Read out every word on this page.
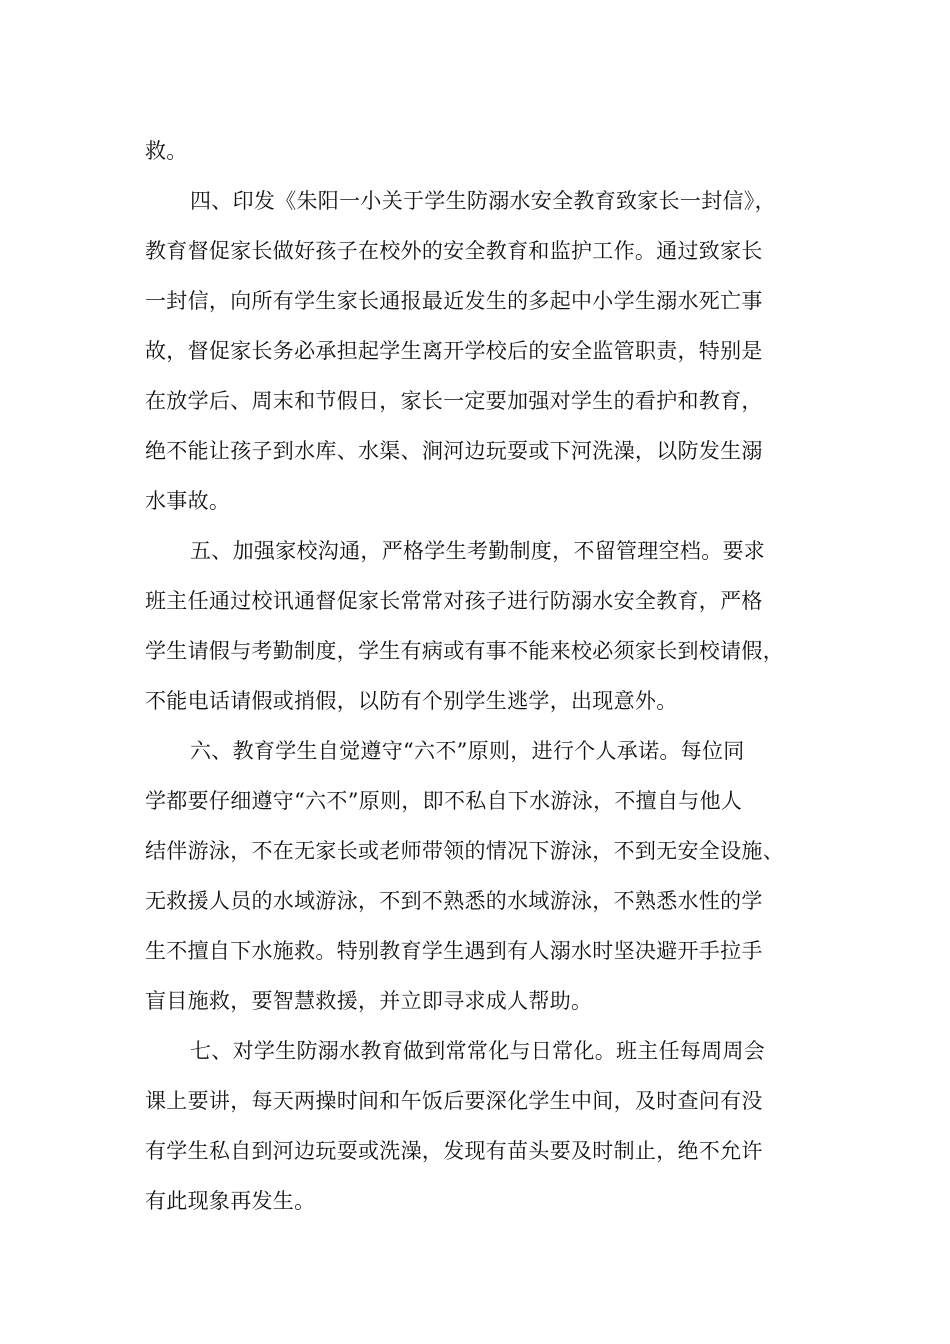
救。
四、印发《朱阳一小关于学生防溺水安全教育致家长一封信》，
教育督促家长做好孩子在校外的安全教育和监护工作。通过致家长
一封信，向所有学生家长通报最近发生的多起中小学生溺水死亡事
故，督促家长务必承担起学生离开学校后的安全监管职责，特别是
在放学后、周末和节假日，家长一定要加强对学生的看护和教育，
绝不能让孩子到水库、水渠、涧河边玩耍或下河洗澡，以防发生溺
水事故。
五、加强家校沟通，严格学生考勤制度，不留管理空档。要求
班主任通过校讯通督促家长常常对孩子进行防溺水安全教育，严格
学生请假与考勤制度，学生有病或有事不能来校必须家长到校请假，
不能电话请假或捎假，以防有个别学生逃学，出现意外。
六、教育学生自觉遵守“六不”原则，进行个人承诺。每位同
学都要仔细遵守“六不”原则，即不私自下水游泳，不擅自与他人
结伴游泳，不在无家长或老师带领的情况下游泳，不到无安全设施、
无救援人员的水域游泳，不到不熟悉的水域游泳，不熟悉水性的学
生不擅自下水施救。特别教育学生遇到有人溺水时坚决避开手拉手
盲目施救，要智慧救援，并立即寻求成人帮助。
七、对学生防溺水教育做到常常化与日常化。班主任每周周会
课上要讲，每天两操时间和午饭后要深化学生中间，及时查问有没
有学生私自到河边玩耍或洗澡，发现有苗头要及时制止，绝不允许
有此现象再发生。
